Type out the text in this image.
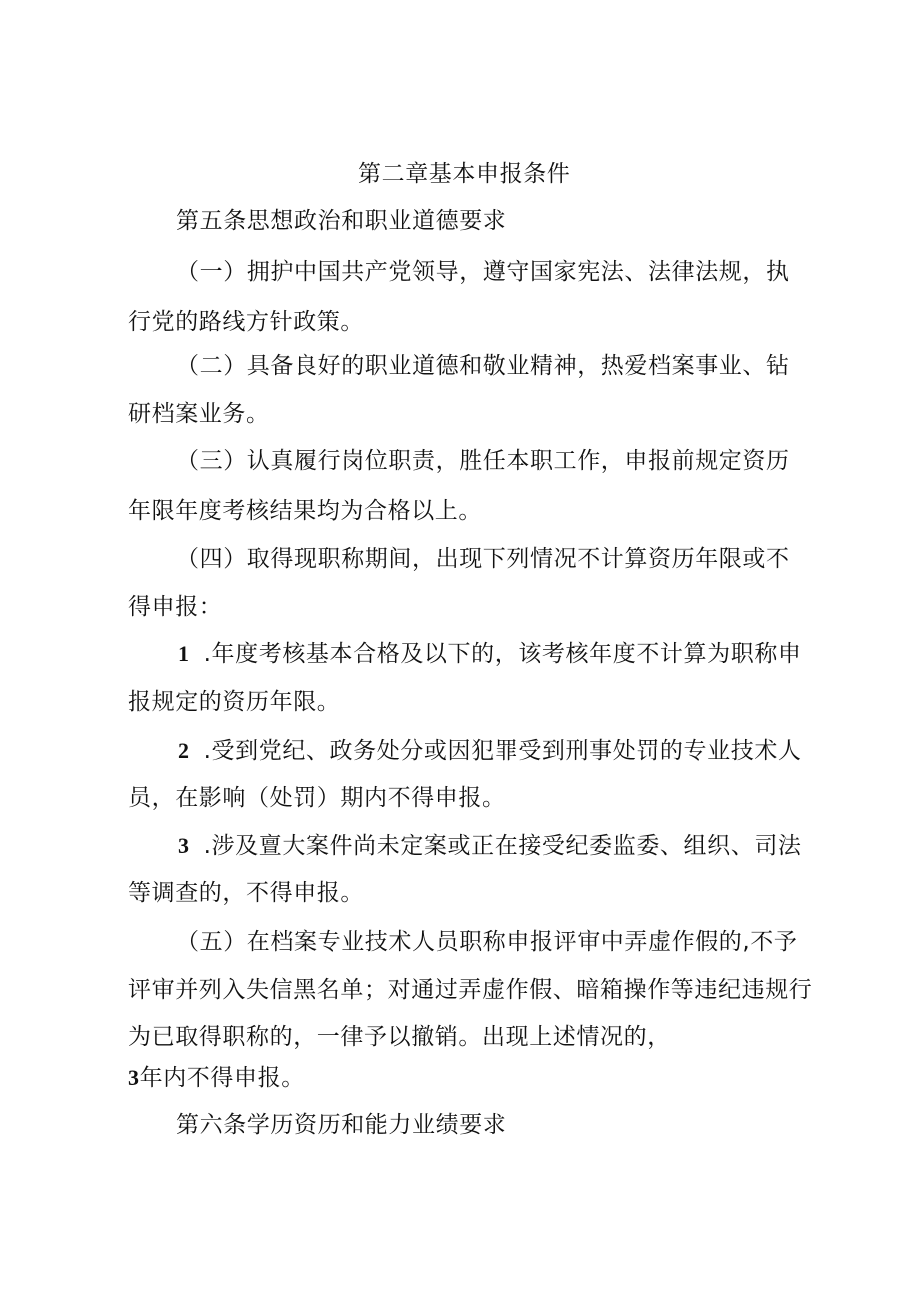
第二章基本申报条件
第五条思想政治和职业道德要求
（一）拥护中国共产党领导，遵守国家宪法、法律法规，执
行党的路线方针政策。
（二）具备良好的职业道德和敬业精神，热爱档案事业、钻
研档案业务。
（三）认真履行岗位职责，胜任本职工作，申报前规定资历
年限年度考核结果均为合格以上。
（四）取得现职称期间，出现下列情况不计算资历年限或不
得申报：
1 .年度考核基本合格及以下的，该考核年度不计算为职称申
报规定的资历年限。
2 .受到党纪、政务处分或因犯罪受到刑事处罚的专业技术人
员，在影响（处罚）期内不得申报。
3 .涉及亶大案件尚未定案或正在接受纪委监委、组织、司法
等调查的，不得申报。
（五）在档案专业技术人员职称申报评审中弄虚作假的,不予
评审并列入失信黑名单；对通过弄虚作假、暗箱操作等违纪违规行
为已取得职称的，一律予以撤销。出现上述情况的，
3年内不得申报。
第六条学历资历和能力业绩要求
